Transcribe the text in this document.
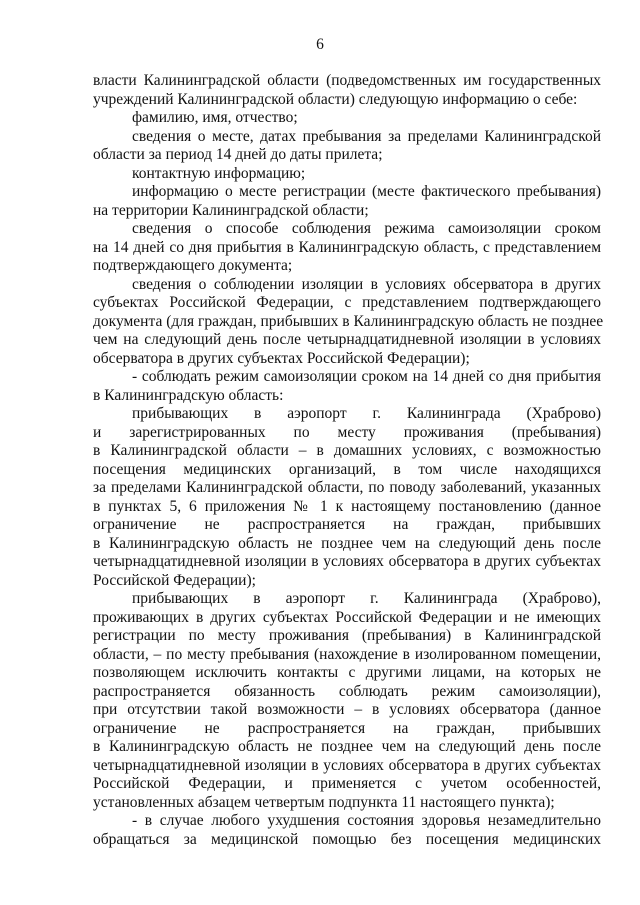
6
власти Калининградской области (подведомственных им государственных
учреждений Калининградской области) следующую информацию о себе:
фамилию, имя, отчество;
сведения о месте, датах пребывания за пределами Калининградской
области за период 14 дней до даты прилета;
контактную информацию;
информацию о месте регистрации (месте фактического пребывания)
на территории Калининградской области;
сведения о способе соблюдения режима самоизоляции сроком
на 14 дней со дня прибытия в Калининградскую область, с представлением
подтверждающего документа;
сведения о соблюдении изоляции в условиях обсерватора в других
субъектах Российской Федерации, с представлением подтверждающего
документа (для граждан, прибывших в Калининградскую область не позднее
чем на следующий день после четырнадцатидневной изоляции в условиях
обсерватора в других субъектах Российской Федерации);
- соблюдать режим самоизоляции сроком на 14 дней со дня прибытия
в Калининградскую область:
прибывающих в аэропорт г. Калининграда (Храброво)
и зарегистрированных по месту проживания (пребывания)
в Калининградской области – в домашних условиях, с возможностью
посещения медицинских организаций, в том числе находящихся
за пределами Калининградской области, по поводу заболеваний, указанных
в пунктах 5, 6 приложения № 1 к настоящему постановлению (данное
ограничение не распространяется на граждан, прибывших
в Калининградскую область не позднее чем на следующий день после
четырнадцатидневной изоляции в условиях обсерватора в других субъектах
Российской Федерации);
прибывающих в аэропорт г. Калининграда (Храброво),
проживающих в других субъектах Российской Федерации и не имеющих
регистрации по месту проживания (пребывания) в Калининградской
области, – по месту пребывания (нахождение в изолированном помещении,
позволяющем исключить контакты с другими лицами, на которых не
распространяется обязанность соблюдать режим самоизоляции),
при отсутствии такой возможности – в условиях обсерватора (данное
ограничение не распространяется на граждан, прибывших
в Калининградскую область не позднее чем на следующий день после
четырнадцатидневной изоляции в условиях обсерватора в других субъектах
Российской Федерации, и применяется с учетом особенностей,
установленных абзацем четвертым подпункта 11 настоящего пункта);
- в случае любого ухудшения состояния здоровья незамедлительно
обращаться за медицинской помощью без посещения медицинских
